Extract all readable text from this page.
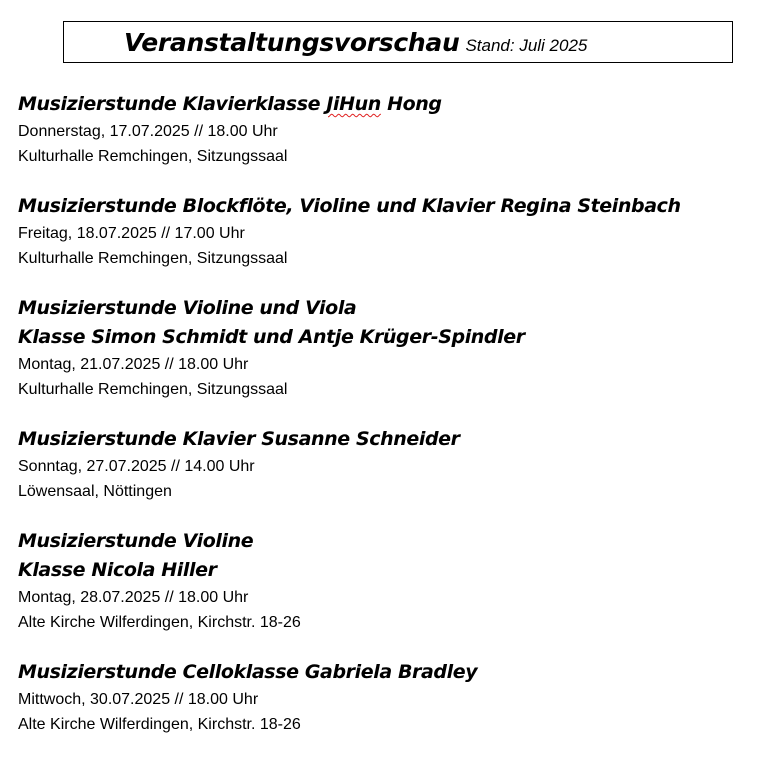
Veranstaltungsvorschau Stand: Juli 2025
Musizierstunde Klavierklasse JiHun Hong
Donnerstag, 17.07.2025 // 18.00 Uhr
Kulturhalle Remchingen, Sitzungssaal
Musizierstunde Blockflöte, Violine und Klavier Regina Steinbach
Freitag, 18.07.2025 // 17.00 Uhr
Kulturhalle Remchingen, Sitzungssaal
Musizierstunde Violine und Viola
Klasse Simon Schmidt und Antje Krüger-Spindler
Montag, 21.07.2025 // 18.00 Uhr
Kulturhalle Remchingen, Sitzungssaal
Musizierstunde Klavier Susanne Schneider
Sonntag, 27.07.2025 // 14.00 Uhr
Löwensaal, Nöttingen
Musizierstunde Violine
Klasse Nicola Hiller
Montag, 28.07.2025 // 18.00 Uhr
Alte Kirche Wilferdingen, Kirchstr. 18-26
Musizierstunde Celloklasse Gabriela Bradley
Mittwoch, 30.07.2025 // 18.00 Uhr
Alte Kirche Wilferdingen, Kirchstr. 18-26
